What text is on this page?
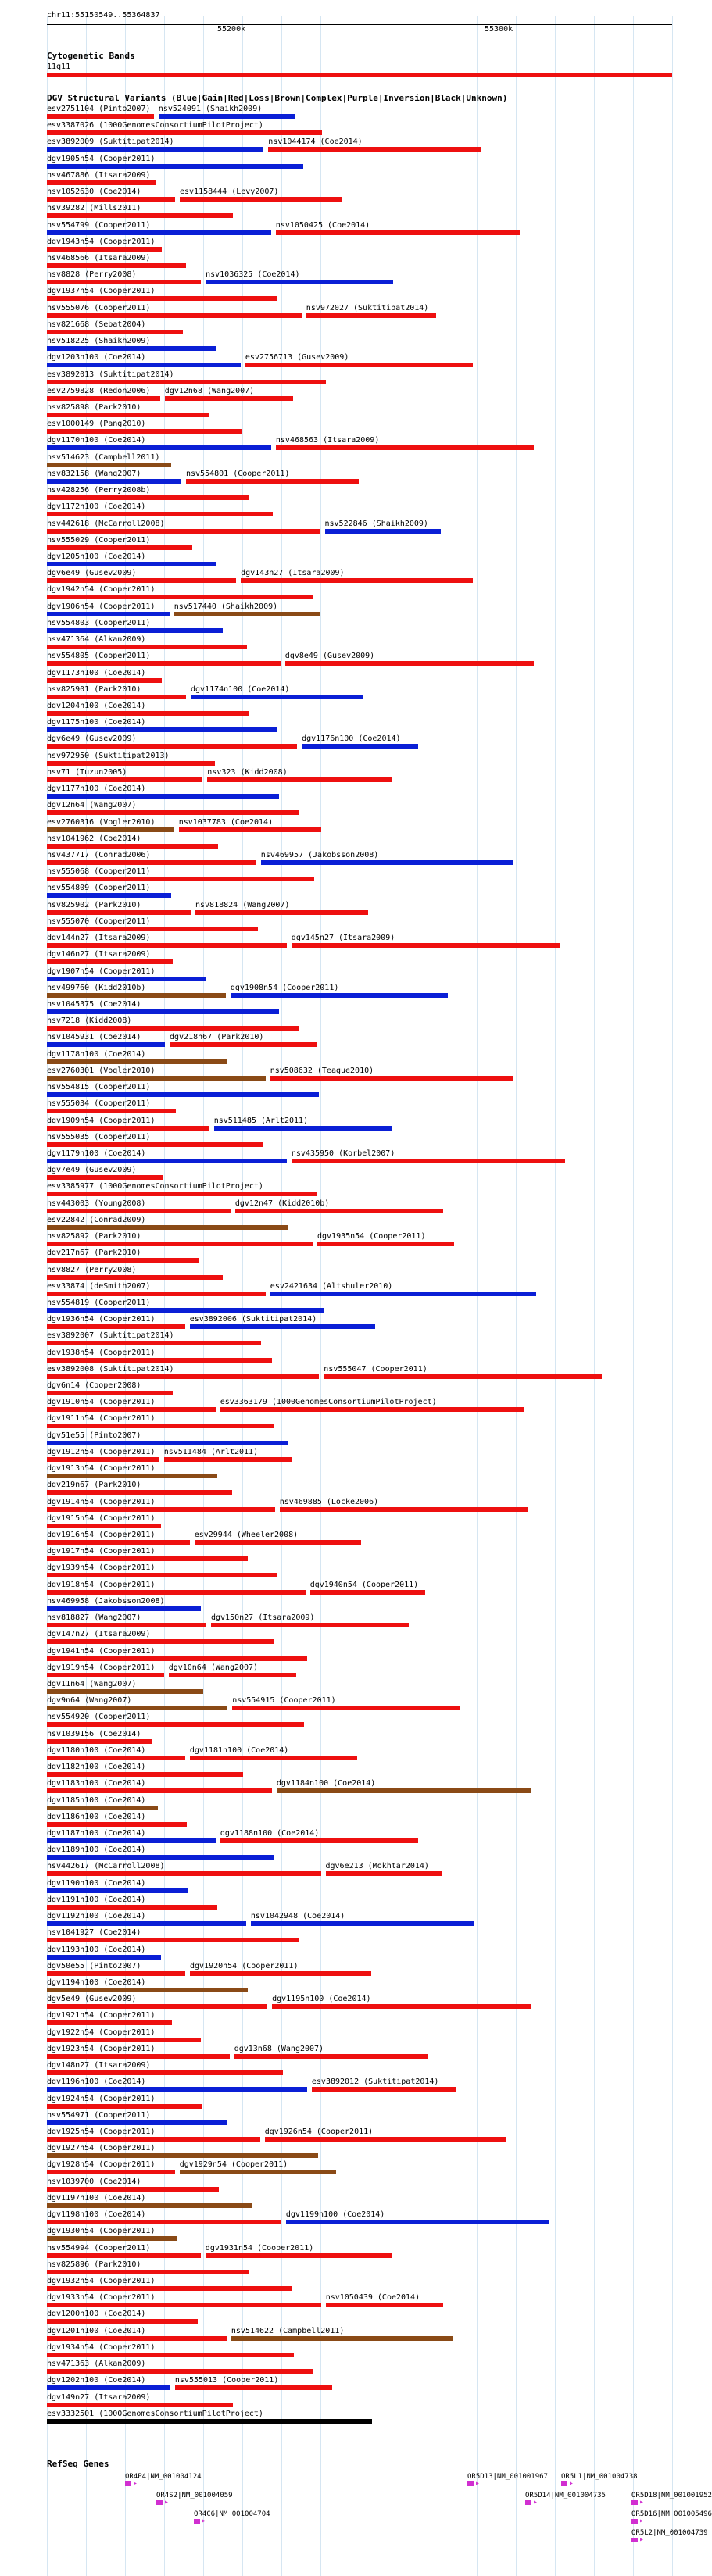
chr11:55150549..55364837
55200k	55300k
Cytogenetic Bands
11q11
DGV Structural Variants (Blue|Gain|Red|Loss|Brown|Complex|Purple|Inversion|Black|Unknown)
esv2751104 (Pinto2007) nsv524091 (Shaikh2009)
esv3387026 (1000GenomesConsortiumPilotProject)
esv3892009 (Suktitipat2014)	nsv1044174 (Coe2014)
dgv1905n54 (Cooper2011)
nsv467886 (Itsara2009)
nsv1052630 (Coe2014)	esv1158444 (Levy2007)
nsv39282 (Mills2011)
nsv554799 (Cooper2011)	nsv1050425 (Coe2014)
dgv1943n54 (Cooper2011)
nsv468566 (Itsara2009)
nsv8828 (Perry2008)	nsv1036325 (Coe2014)
dgv1937n54 (Cooper2011)
nsv555076 (Cooper2011)	nsv972027 (Suktitipat2014)
nsv821668 (Sebat2004)
nsv518225 (Shaikh2009)
dgv1203n100 (Coe2014)	esv2756713 (Gusev2009)
esv3892013 (Suktitipat2014)
esv2759828 (Redon2006) dgv12n68 (Wang2007)
nsv825898 (Park2010)
esv1000149 (Pang2010)
dgv1170n100 (Coe2014)	nsv468563 (Itsara2009)
nsv514623 (Campbell2011)
nsv832158 (Wang2007)	nsv554801 (Cooper2011)
nsv428256 (Perry2008b)
dgv1172n100 (Coe2014)
nsv442618 (McCarroll2008)	nsv522846 (Shaikh2009)
nsv555029 (Cooper2011)
dgv1205n100 (Coe2014)
dgv6e49 (Gusev2009)	dgv143n27 (Itsara2009)
dgv1942n54 (Cooper2011)
dgv1906n54 (Cooper2011) nsv517440 (Shaikh2009)
nsv554803 (Cooper2011)
nsv471364 (Alkan2009)
nsv554805 (Cooper2011)	dgv8e49 (Gusev2009)
dgv1173n100 (Coe2014)
nsv825901 (Park2010)	dgv1174n100 (Coe2014)
dgv1204n100 (Coe2014)
dgv1175n100 (Coe2014)
dgv6e49 (Gusev2009)	dgv1176n100 (Coe2014)
nsv972950 (Suktitipat2013)
nsv71 (Tuzun2005)	nsv323 (Kidd2008)
dgv1177n100 (Coe2014)
dgv12n64 (Wang2007)
esv2760316 (Vogler2010)	nsv1037783 (Coe2014)
nsv1041962 (Coe2014)
nsv437717 (Conrad2006)	nsv469957 (Jakobsson2008)
nsv555068 (Cooper2011)
nsv554809 (Cooper2011)
nsv825902 (Park2010)	nsv818824 (Wang2007)
nsv555070 (Cooper2011)
dgv144n27 (Itsara2009)	dgv145n27 (Itsara2009)
dgv146n27 (Itsara2009)
dgv1907n54 (Cooper2011)
nsv499760 (Kidd2010b)	dgv1908n54 (Cooper2011)
nsv1045375 (Coe2014)
nsv7218 (Kidd2008)
nsv1045931 (Coe2014)	dgv218n67 (Park2010)
dgv1178n100 (Coe2014)
esv2760301 (Vogler2010)	nsv508632 (Teague2010)
nsv554815 (Cooper2011)
nsv555034 (Cooper2011)
dgv1909n54 (Cooper2011)	nsv511485 (Arlt2011)
nsv555035 (Cooper2011)
dgv1179n100 (Coe2014)	nsv435950 (Korbel2007)
dgv7e49 (Gusev2009)
esv3385977 (1000GenomesConsortiumPilotProject)
nsv443003 (Young2008)	dgv12n47 (Kidd2010b)
esv22842 (Conrad2009)
nsv825892 (Park2010)	dgv1935n54 (Cooper2011)
dgv217n67 (Park2010)
nsv8827 (Perry2008)
esv33874 (deSmith2007)	esv2421634 (Altshuler2010)
nsv554819 (Cooper2011)
dgv1936n54 (Cooper2011)	esv3892006 (Suktitipat2014)
esv3892007 (Suktitipat2014)
dgv1938n54 (Cooper2011)
esv3892008 (Suktitipat2014)	nsv555047 (Cooper2011)
dgv6n14 (Cooper2008)
dgv1910n54 (Cooper2011)	esv3363179 (1000GenomesConsortiumPilotProject)
dgv1911n54 (Cooper2011)
dgv51e55 (Pinto2007)
dgv1912n54 (Cooper2011) nsv511484 (Arlt2011)
dgv1913n54 (Cooper2011)
dgv219n67 (Park2010)
dgv1914n54 (Cooper2011)	nsv469885 (Locke2006)
dgv1915n54 (Cooper2011)
dgv1916n54 (Cooper2011)	esv29944 (Wheeler2008)
dgv1917n54 (Cooper2011)
dgv1939n54 (Cooper2011)
dgv1918n54 (Cooper2011)	dgv1940n54 (Cooper2011)
nsv469958 (Jakobsson2008)
nsv818827 (Wang2007)	dgv150n27 (Itsara2009)
dgv147n27 (Itsara2009)
dgv1941n54 (Cooper2011)
dgv1919n54 (Cooper2011) dgv10n64 (Wang2007)
dgv11n64 (Wang2007)
dgv9n64 (Wang2007)	nsv554915 (Cooper2011)
nsv554920 (Cooper2011)
nsv1039156 (Coe2014)
dgv1180n100 (Coe2014)	dgv1181n100 (Coe2014)
dgv1182n100 (Coe2014)
dgv1183n100 (Coe2014)	dgv1184n100 (Coe2014)
dgv1185n100 (Coe2014)
dgv1186n100 (Coe2014)
dgv1187n100 (Coe2014)	dgv1188n100 (Coe2014)
dgv1189n100 (Coe2014)
nsv442617 (McCarroll2008)	dgv6e213 (Mokhtar2014)
dgv1190n100 (Coe2014)
dgv1191n100 (Coe2014)
dgv1192n100 (Coe2014)	nsv1042948 (Coe2014)
nsv1041927 (Coe2014)
dgv1193n100 (Coe2014)
dgv50e55 (Pinto2007)	dgv1920n54 (Cooper2011)
dgv1194n100 (Coe2014)
dgv5e49 (Gusev2009)	dgv1195n100 (Coe2014)
dgv1921n54 (Cooper2011)
dgv1922n54 (Cooper2011)
dgv1923n54 (Cooper2011)	dgv13n68 (Wang2007)
dgv148n27 (Itsara2009)
dgv1196n100 (Coe2014)	esv3892012 (Suktitipat2014)
dgv1924n54 (Cooper2011)
nsv554971 (Cooper2011)
dgv1925n54 (Cooper2011)	dgv1926n54 (Cooper2011)
dgv1927n54 (Cooper2011)
dgv1928n54 (Cooper2011)	dgv1929n54 (Cooper2011)
nsv1039700 (Coe2014)
dgv1197n100 (Coe2014)
dgv1198n100 (Coe2014)	dgv1199n100 (Coe2014)
dgv1930n54 (Cooper2011)
nsv554994 (Cooper2011)	dgv1931n54 (Cooper2011)
nsv825896 (Park2010)
dgv1932n54 (Cooper2011)
dgv1933n54 (Cooper2011)	nsv1050439 (Coe2014)
dgv1200n100 (Coe2014)
dgv1201n100 (Coe2014)	nsv514622 (Campbell2011)
dgv1934n54 (Cooper2011)
nsv471363 (Alkan2009)
dgv1202n100 (Coe2014)	nsv555013 (Cooper2011)
dgv149n27 (Itsara2009)
esv3332501 (1000GenomesConsortiumPilotProject)
RefSeq Genes
OR4P4|NM_001004124
▸
OR4S2|NM_001004059
▸
OR4C6|NM_001004704
▸
OR5D13|NM_001001967
▸
OR5L1|NM_001004738
▸
OR5D14|NM_001004735
▸
OR5D18|NM_001001952
▸
OR5D16|NM_001005496
▸
OR5L2|NM_001004739
▸
